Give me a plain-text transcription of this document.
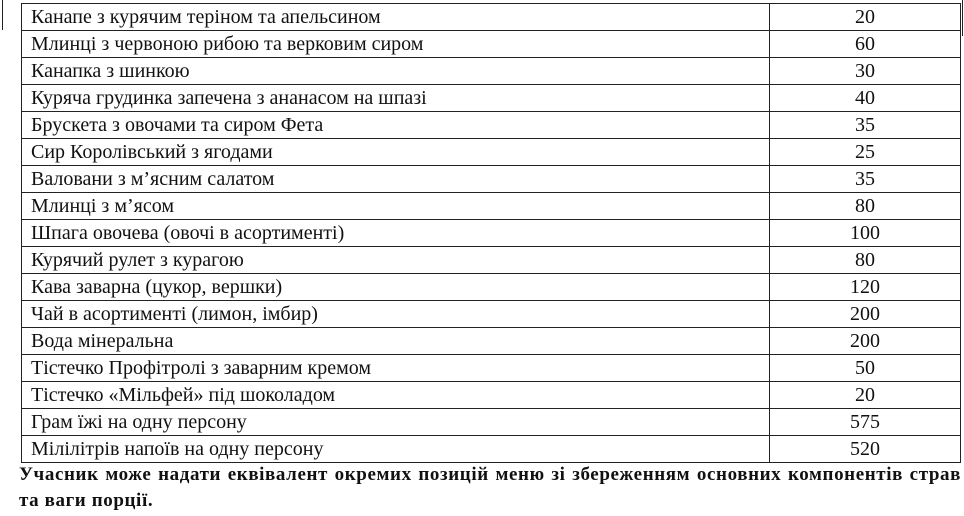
Канапе з курячим теріном та апельсином	20
Млинці з червоною рибою та верковим сиром	60
Канапка з шинкою	30
Куряча грудинка запечена з ананасом на шпазі	40
Брускета з овочами та сиром Фета	35
Сир Королівський з ягодами	25
Валовани з м’ясним салатом	35
Млинці з м’ясом	80
Шпага овочева (овочі в асортименті)	100
Курячий рулет з курагою	80
Кава заварна (цукор, вершки)	120
Чай в асортименті (лимон, імбир)	200
Вода мінеральна	200
Тістечко Профітролі з заварним кремом	50
Тістечко «Мільфей» під шоколадом	20
Грам їжі на одну персону	575
Мілілітрів напоїв на одну персону	520

Учасник може надати еквівалент окремих позицій меню зі збереженням основних компонентів страв та ваги порції.
